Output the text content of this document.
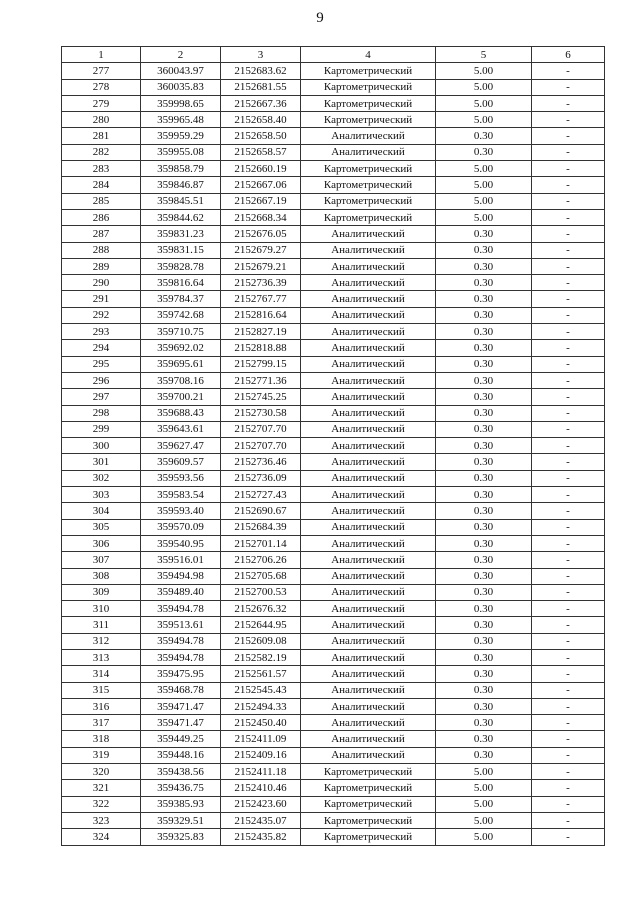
9
1	2	3	4	5	6
277	360043.97	2152683.62	Картометрический	5.00	-
278	360035.83	2152681.55	Картометрический	5.00	-
279	359998.65	2152667.36	Картометрический	5.00	-
280	359965.48	2152658.40	Картометрический	5.00	-
281	359959.29	2152658.50	Аналитический	0.30	-
282	359955.08	2152658.57	Аналитический	0.30	-
283	359858.79	2152660.19	Картометрический	5.00	-
284	359846.87	2152667.06	Картометрический	5.00	-
285	359845.51	2152667.19	Картометрический	5.00	-
286	359844.62	2152668.34	Картометрический	5.00	-
287	359831.23	2152676.05	Аналитический	0.30	-
288	359831.15	2152679.27	Аналитический	0.30	-
289	359828.78	2152679.21	Аналитический	0.30	-
290	359816.64	2152736.39	Аналитический	0.30	-
291	359784.37	2152767.77	Аналитический	0.30	-
292	359742.68	2152816.64	Аналитический	0.30	-
293	359710.75	2152827.19	Аналитический	0.30	-
294	359692.02	2152818.88	Аналитический	0.30	-
295	359695.61	2152799.15	Аналитический	0.30	-
296	359708.16	2152771.36	Аналитический	0.30	-
297	359700.21	2152745.25	Аналитический	0.30	-
298	359688.43	2152730.58	Аналитический	0.30	-
299	359643.61	2152707.70	Аналитический	0.30	-
300	359627.47	2152707.70	Аналитический	0.30	-
301	359609.57	2152736.46	Аналитический	0.30	-
302	359593.56	2152736.09	Аналитический	0.30	-
303	359583.54	2152727.43	Аналитический	0.30	-
304	359593.40	2152690.67	Аналитический	0.30	-
305	359570.09	2152684.39	Аналитический	0.30	-
306	359540.95	2152701.14	Аналитический	0.30	-
307	359516.01	2152706.26	Аналитический	0.30	-
308	359494.98	2152705.68	Аналитический	0.30	-
309	359489.40	2152700.53	Аналитический	0.30	-
310	359494.78	2152676.32	Аналитический	0.30	-
311	359513.61	2152644.95	Аналитический	0.30	-
312	359494.78	2152609.08	Аналитический	0.30	-
313	359494.78	2152582.19	Аналитический	0.30	-
314	359475.95	2152561.57	Аналитический	0.30	-
315	359468.78	2152545.43	Аналитический	0.30	-
316	359471.47	2152494.33	Аналитический	0.30	-
317	359471.47	2152450.40	Аналитический	0.30	-
318	359449.25	2152411.09	Аналитический	0.30	-
319	359448.16	2152409.16	Аналитический	0.30	-
320	359438.56	2152411.18	Картометрический	5.00	-
321	359436.75	2152410.46	Картометрический	5.00	-
322	359385.93	2152423.60	Картометрический	5.00	-
323	359329.51	2152435.07	Картометрический	5.00	-
324	359325.83	2152435.82	Картометрический	5.00	-
